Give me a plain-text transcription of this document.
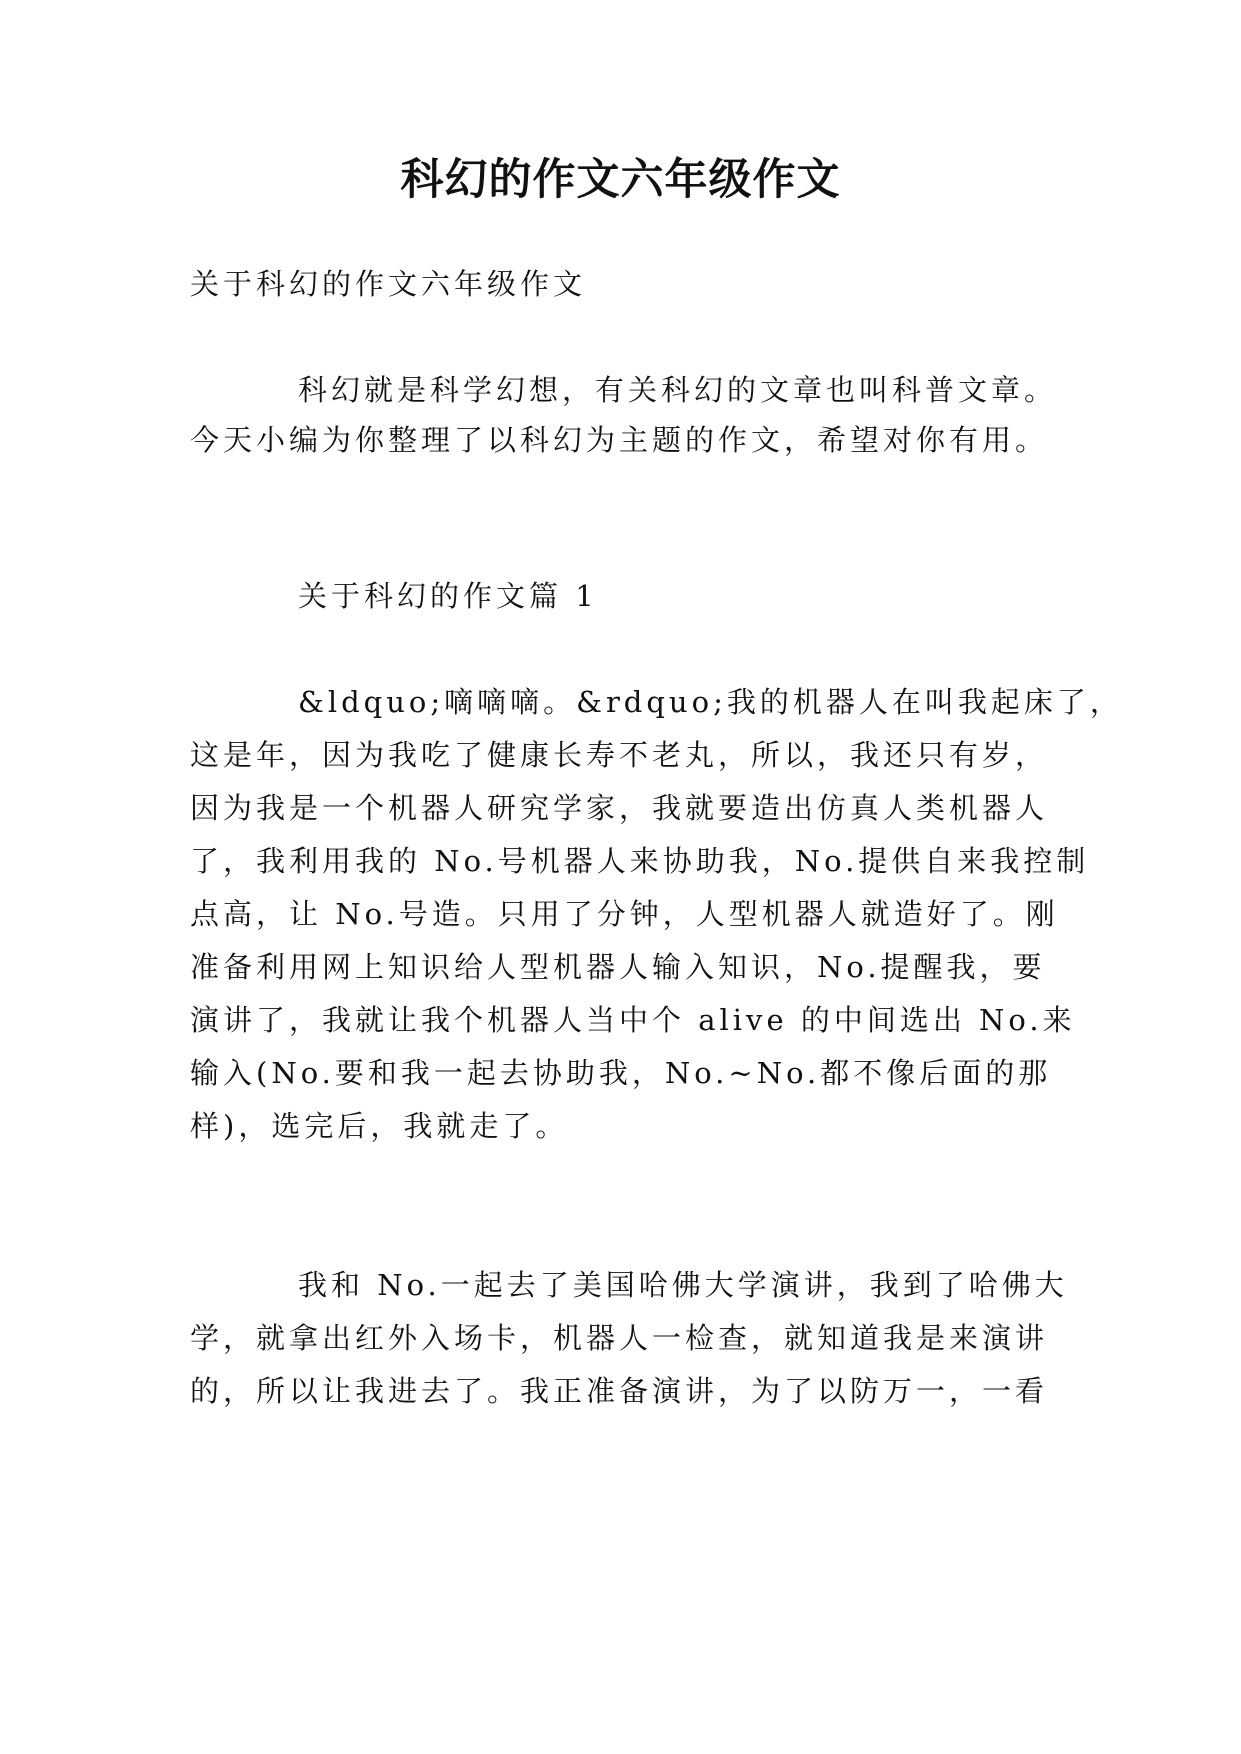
科幻的作文六年级作文
关于科幻的作文六年级作文
科幻就是科学幻想，有关科幻的文章也叫科普文章。
今天小编为你整理了以科幻为主题的作文，希望对你有用。
关于科幻的作文篇 1
&ldquo;嘀嘀嘀。&rdquo;我的机器人在叫我起床了，
这是年，因为我吃了健康长寿不老丸，所以，我还只有岁，
因为我是一个机器人研究学家，我就要造出仿真人类机器人
了，我利用我的 No.号机器人来协助我，No.提供自来我控制
点高，让 No.号造。只用了分钟，人型机器人就造好了。刚
准备利用网上知识给人型机器人输入知识，No.提醒我，要
演讲了，我就让我个机器人当中个 alive 的中间选出 No.来
输入(No.要和我一起去协助我，No.~No.都不像后面的那
样)，选完后，我就走了。
我和 No.一起去了美国哈佛大学演讲，我到了哈佛大
学，就拿出红外入场卡，机器人一检查，就知道我是来演讲
的，所以让我进去了。我正准备演讲，为了以防万一，一看
